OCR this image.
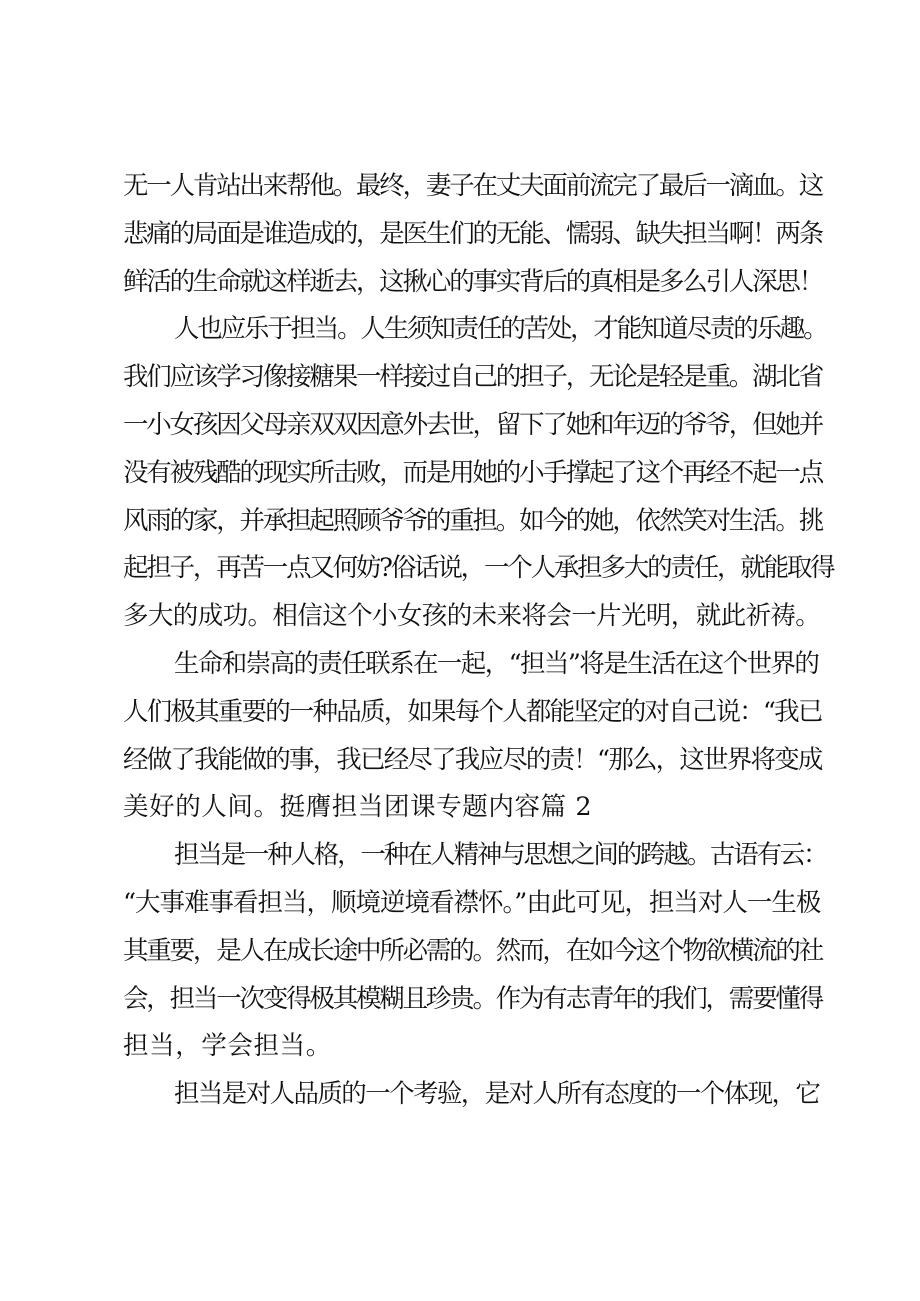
无一人肯站出来帮他。最终，妻子在丈夫面前流完了最后一滴血。这
悲痛的局面是谁造成的，是医生们的无能、懦弱、缺失担当啊！两条
鲜活的生命就这样逝去，这揪心的事实背后的真相是多么引人深思！
人也应乐于担当。人生须知责任的苦处，才能知道尽责的乐趣。
我们应该学习像接糖果一样接过自己的担子，无论是轻是重。湖北省
一小女孩因父母亲双双因意外去世，留下了她和年迈的爷爷，但她并
没有被残酷的现实所击败，而是用她的小手撑起了这个再经不起一点
风雨的家，并承担起照顾爷爷的重担。如今的她，依然笑对生活。挑
起担子，再苦一点又何妨?俗话说，一个人承担多大的责任，就能取得
多大的成功。相信这个小女孩的未来将会一片光明，就此祈祷。
生命和崇高的责任联系在一起，“担当”将是生活在这个世界的
人们极其重要的一种品质，如果每个人都能坚定的对自己说：“我已
经做了我能做的事，我已经尽了我应尽的责！“那么，这世界将变成
美好的人间。挺膺担当团课专题内容篇 2
担当是一种人格，一种在人精神与思想之间的跨越。古语有云：
“大事难事看担当，顺境逆境看襟怀。”由此可见，担当对人一生极
其重要，是人在成长途中所必需的。然而，在如今这个物欲横流的社
会，担当一次变得极其模糊且珍贵。作为有志青年的我们，需要懂得
担当，学会担当。
担当是对人品质的一个考验，是对人所有态度的一个体现，它
